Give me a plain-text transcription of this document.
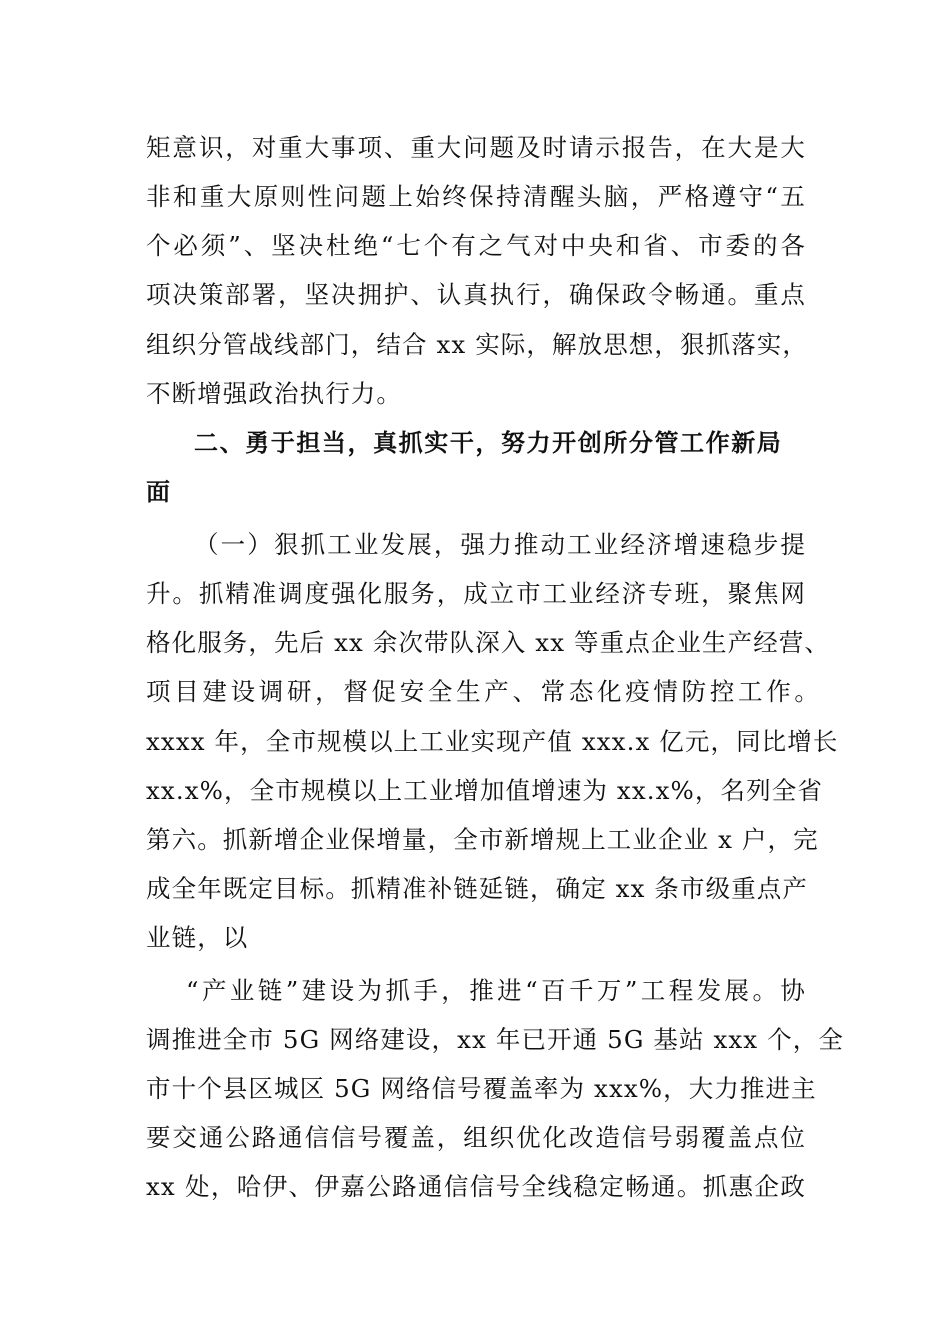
矩意识，对重大事项、重大问题及时请示报告，在大是大
非和重大原则性问题上始终保持清醒头脑，严格遵守“五
个必须”、坚决杜绝“七个有之气对中央和省、市委的各
项决策部署，坚决拥护、认真执行，确保政令畅通。重点
组织分管战线部门，结合 xx 实际，解放思想，狠抓落实，
不断增强政治执行力。
二、勇于担当，真抓实干，努力开创所分管工作新局
面
（一）狠抓工业发展，强力推动工业经济增速稳步提
升。抓精准调度强化服务，成立市工业经济专班，聚焦网
格化服务，先后 xx 余次带队深入 xx 等重点企业生产经营、
项目建设调研，督促安全生产、常态化疫情防控工作。
xxxx 年，全市规模以上工业实现产值 xxx.x 亿元，同比增长
xx.x%，全市规模以上工业增加值增速为 xx.x%，名列全省
第六。抓新增企业保增量，全市新增规上工业企业 x 户，完
成全年既定目标。抓精准补链延链，确定 xx 条市级重点产
业链，以
“产业链”建设为抓手，推进“百千万”工程发展。协
调推进全市 5G 网络建设，xx 年已开通 5G 基站 xxx 个，全
市十个县区城区 5G 网络信号覆盖率为 xxx%，大力推进主
要交通公路通信信号覆盖，组织优化改造信号弱覆盖点位
xx 处，哈伊、伊嘉公路通信信号全线稳定畅通。抓惠企政
